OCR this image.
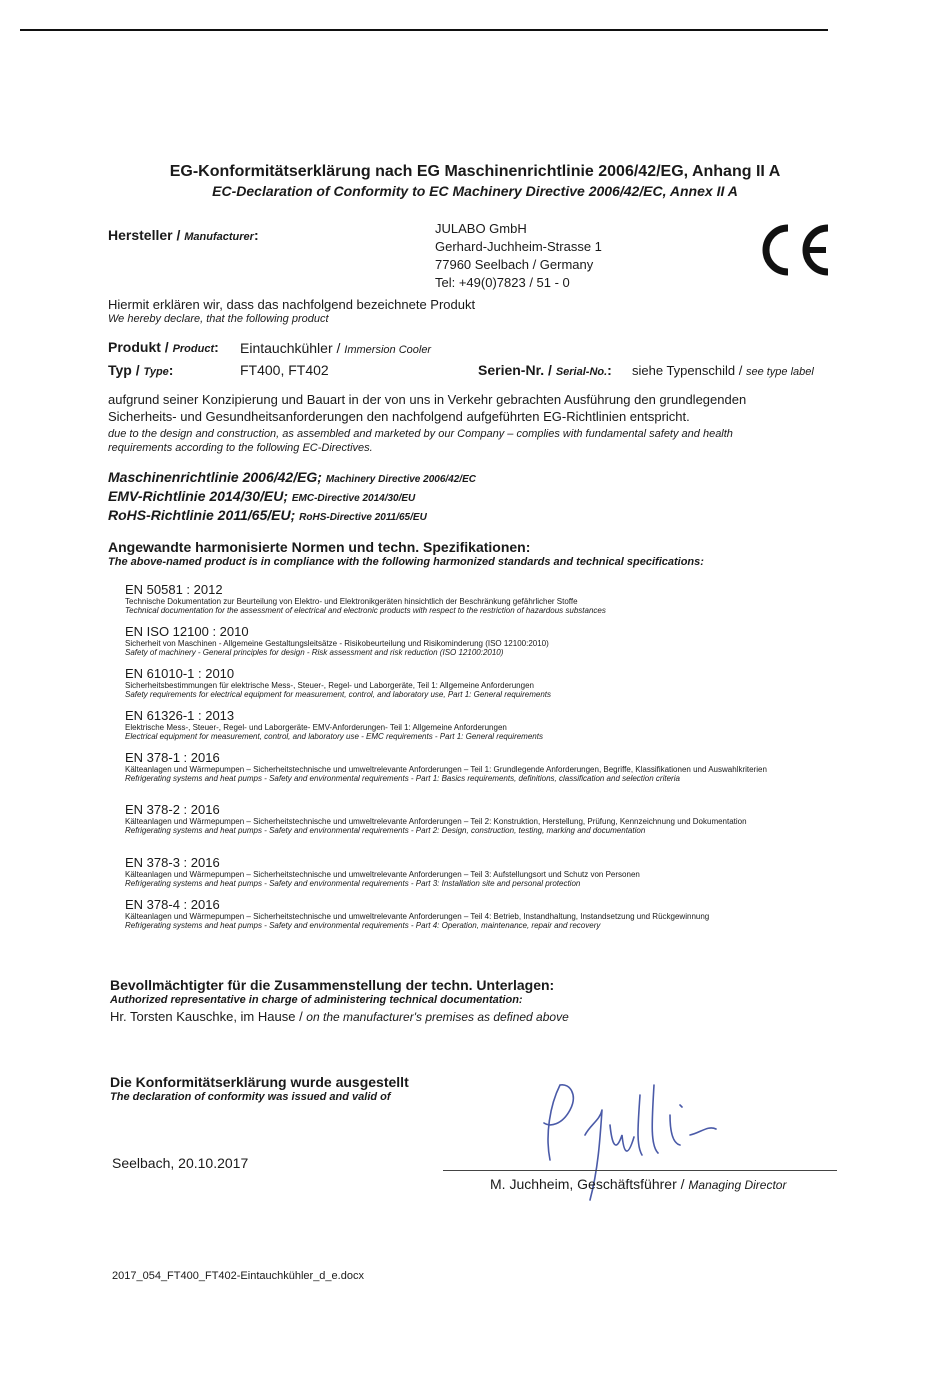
EG-Konformitätserklärung nach EG Maschinenrichtlinie 2006/42/EG, Anhang II A
EC-Declaration of Conformity to EC Machinery Directive 2006/42/EC, Annex II A
Hersteller / Manufacturer:	JULABO GmbH
Gerhard-Juchheim-Strasse 1
77960 Seelbach / Germany
Tel: +49(0)7823 / 51 - 0
Hiermit erklären wir, dass das nachfolgend bezeichnete Produkt
We hereby declare, that the following product
Produkt / Product: Eintauchkühler / Immersion Cooler
Typ / Type:	FT400, FT402	Serien-Nr. / Serial-No.: siehe Typenschild / see type label
aufgrund seiner Konzipierung und Bauart in der von uns in Verkehr gebrachten Ausführung den grundlegenden
Sicherheits- und Gesundheitsanforderungen den nachfolgend aufgeführten EG-Richtlinien entspricht.
due to the design and construction, as assembled and marketed by our Company – complies with fundamental safety and health
requirements according to the following EC-Directives.
Maschinenrichtlinie 2006/42/EG; Machinery Directive 2006/42/EC
EMV-Richtlinie 2014/30/EU; EMC-Directive 2014/30/EU
RoHS-Richtlinie 2011/65/EU; RoHS-Directive 2011/65/EU
Angewandte harmonisierte Normen und techn. Spezifikationen:
The above-named product is in compliance with the following harmonized standards and technical specifications:
EN 50581 : 2012
Technische Dokumentation zur Beurteilung von Elektro- und Elektronikgeräten hinsichtlich der Beschränkung gefährlicher Stoffe
Technical documentation for the assessment of electrical and electronic products with respect to the restriction of hazardous substances
EN ISO 12100 : 2010
Sicherheit von Maschinen - Allgemeine Gestaltungsleitsätze - Risikobeurteilung und Risikominderung (ISO 12100:2010)
Safety of machinery - General principles for design - Risk assessment and risk reduction (ISO 12100:2010)
EN 61010-1 : 2010
Sicherheitsbestimmungen für elektrische Mess-, Steuer-, Regel- und Laborgeräte, Teil 1: Allgemeine Anforderungen
Safety requirements for electrical equipment for measurement, control, and laboratory use, Part 1: General requirements
EN 61326-1 : 2013
Elektrische Mess-, Steuer-, Regel- und Laborgeräte- EMV-Anforderungen- Teil 1: Allgemeine Anforderungen
Electrical equipment for measurement, control, and laboratory use - EMC requirements - Part 1: General requirements
EN 378-1 : 2016
Kälteanlagen und Wärmepumpen – Sicherheitstechnische und umweltrelevante Anforderungen – Teil 1: Grundlegende Anforderungen, Begriffe, Klassifikationen und Auswahlkriterien
Refrigerating systems and heat pumps - Safety and environmental requirements - Part 1: Basics requirements, definitions, classification and selection criteria
EN 378-2 : 2016
Kälteanlagen und Wärmepumpen – Sicherheitstechnische und umweltrelevante Anforderungen – Teil 2: Konstruktion, Herstellung, Prüfung, Kennzeichnung und Dokumentation
Refrigerating systems and heat pumps - Safety and environmental requirements - Part 2: Design, construction, testing, marking and documentation
EN 378-3 : 2016
Kälteanlagen und Wärmepumpen – Sicherheitstechnische und umweltrelevante Anforderungen – Teil 3: Aufstellungsort und Schutz von Personen
Refrigerating systems and heat pumps - Safety and environmental requirements - Part 3: Installation site and personal protection
EN 378-4 : 2016
Kälteanlagen und Wärmepumpen – Sicherheitstechnische und umweltrelevante Anforderungen – Teil 4: Betrieb, Instandhaltung, Instandsetzung und Rückgewinnung
Refrigerating systems and heat pumps - Safety and environmental requirements - Part 4: Operation, maintenance, repair and recovery
Bevollmächtigter für die Zusammenstellung der techn. Unterlagen:
Authorized representative in charge of administering technical documentation:
Hr. Torsten Kauschke, im Hause / on the manufacturer's premises as defined above
Die Konformitätserklärung wurde ausgestellt
The declaration of conformity was issued and valid of
Seelbach, 20.10.2017
M. Juchheim, Geschäftsführer / Managing Director
2017_054_FT400_FT402-Eintauchkühler_d_e.docx
